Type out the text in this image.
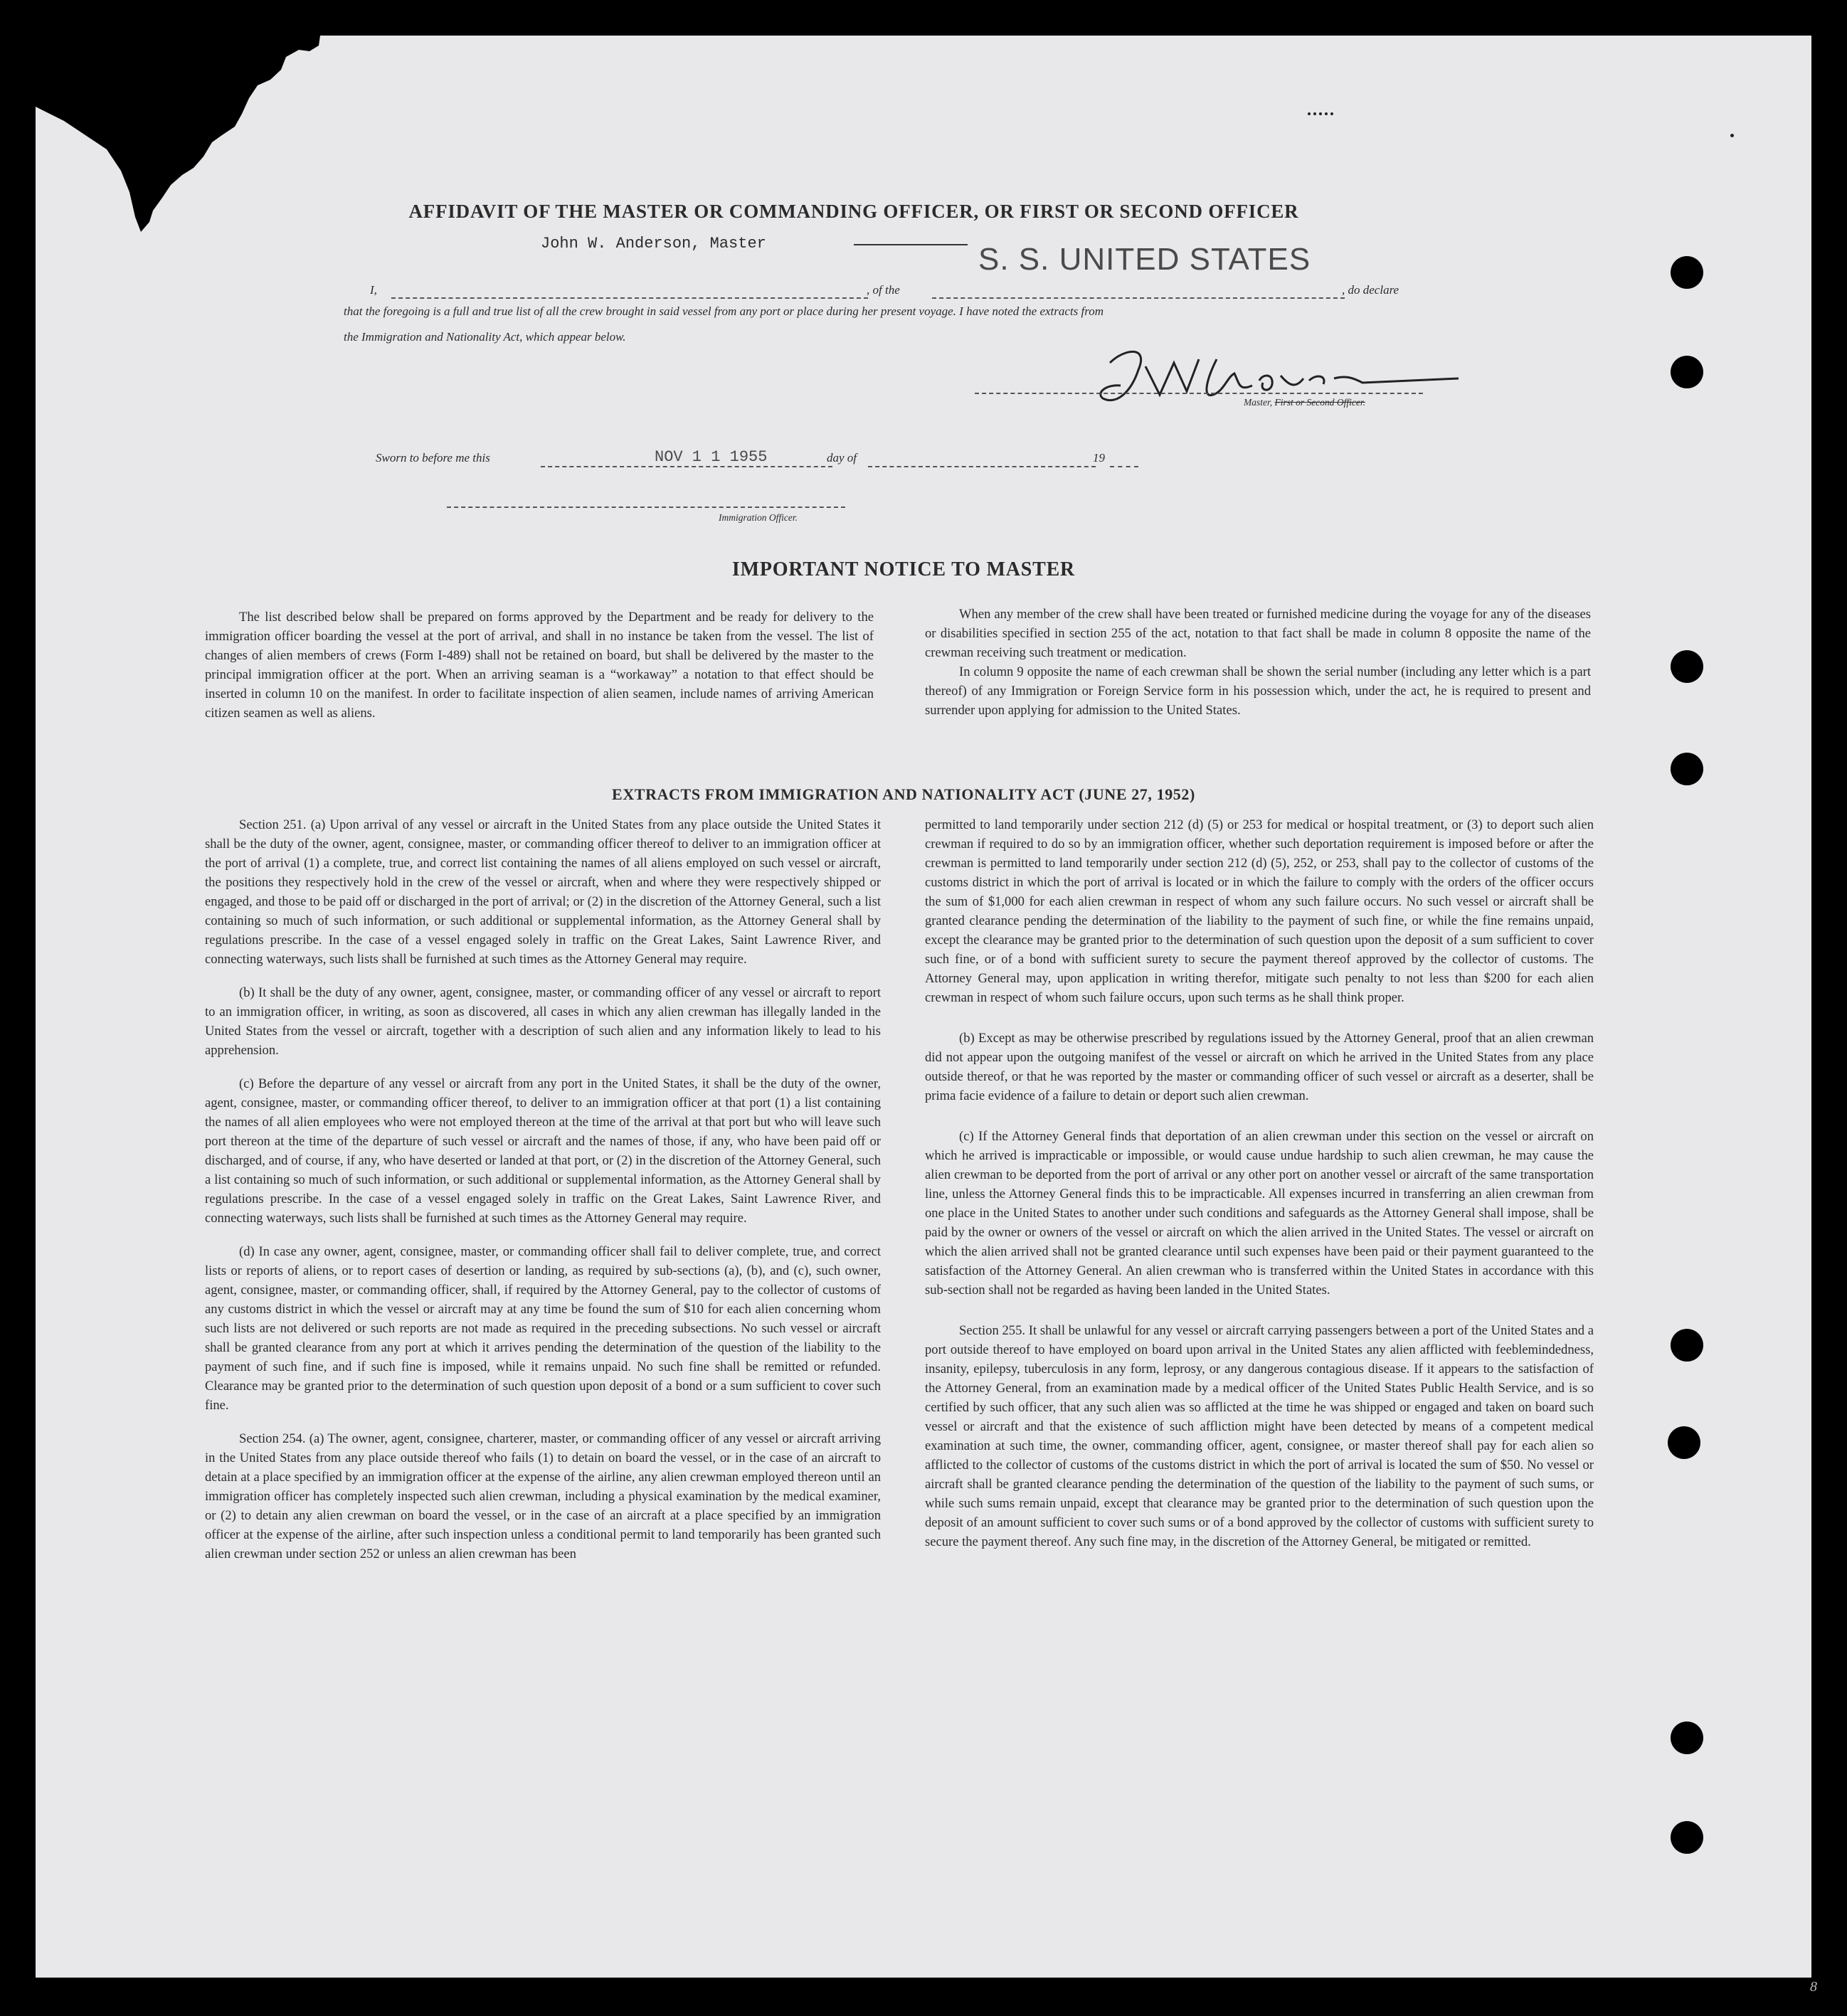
AFFIDAVIT OF THE MASTER OR COMMANDING OFFICER, OR FIRST OR SECOND OFFICER
John W. Anderson, Master
I,	, of the
S. S. UNITED STATES
, do declare
that the foregoing is a full and true list of all the crew brought in said vessel from any port or place during her present voyage. I have noted the extracts from
the Immigration and Nationality Act, which appear below.
Master, First or Second Officer.
Sworn to before me this	NOV 1 1 1955	day of	19
Immigration Officer.
IMPORTANT NOTICE TO MASTER

The list described below shall be prepared on forms approved by the Department and be ready for delivery to the immigration officer boarding the vessel at the port of arrival, and shall in no instance be taken from the vessel. The list of changes of alien members of crews (Form I-489) shall not be retained on board, but shall be delivered by the master to the principal immigration officer at the port. When an arriving seaman is a “workaway” a notation to that effect should be inserted in column 10 on the manifest. In order to facilitate inspection of alien seamen, include names of arriving American citizen seamen as well as aliens.

When any member of the crew shall have been treated or furnished medicine during the voyage for any of the diseases or disabilities specified in section 255 of the act, notation to that fact shall be made in column 8 opposite the name of the crewman receiving such treatment or medication.

In column 9 opposite the name of each crewman shall be shown the serial number (including any letter which is a part thereof) of any Immigration or Foreign Service form in his possession which, under the act, he is required to present and surrender upon applying for admission to the United States.

EXTRACTS FROM IMMIGRATION AND NATIONALITY ACT (JUNE 27, 1952)

Section 251. (a) Upon arrival of any vessel or aircraft in the United States from any place outside the United States it shall be the duty of the owner, agent, consignee, master, or commanding officer thereof to deliver to an immigration officer at the port of arrival (1) a complete, true, and correct list containing the names of all aliens employed on such vessel or aircraft, the positions they respectively hold in the crew of the vessel or aircraft, when and where they were respectively shipped or engaged, and those to be paid off or discharged in the port of arrival; or (2) in the discretion of the Attorney General, such a list containing so much of such information, or such additional or supplemental information, as the Attorney General shall by regulations prescribe. In the case of a vessel engaged solely in traffic on the Great Lakes, Saint Lawrence River, and connecting waterways, such lists shall be furnished at such times as the Attorney General may require.

(b) It shall be the duty of any owner, agent, consignee, master, or commanding officer of any vessel or aircraft to report to an immigration officer, in writing, as soon as discovered, all cases in which any alien crewman has illegally landed in the United States from the vessel or aircraft, together with a description of such alien and any information likely to lead to his apprehension.

(c) Before the departure of any vessel or aircraft from any port in the United States, it shall be the duty of the owner, agent, consignee, master, or commanding officer thereof, to deliver to an immigration officer at that port (1) a list containing the names of all alien employees who were not employed thereon at the time of the arrival at that port but who will leave such port thereon at the time of the departure of such vessel or aircraft and the names of those, if any, who have been paid off or discharged, and of course, if any, who have deserted or landed at that port, or (2) in the discretion of the Attorney General, such a list containing so much of such information, or such additional or supplemental information, as the Attorney General shall by regulations prescribe. In the case of a vessel engaged solely in traffic on the Great Lakes, Saint Lawrence River, and connecting waterways, such lists shall be furnished at such times as the Attorney General may require.

(d) In case any owner, agent, consignee, master, or commanding officer shall fail to deliver complete, true, and correct lists or reports of aliens, or to report cases of desertion or landing, as required by sub-sections (a), (b), and (c), such owner, agent, consignee, master, or commanding officer, shall, if required by the Attorney General, pay to the collector of customs of any customs district in which the vessel or aircraft may at any time be found the sum of $10 for each alien concerning whom such lists are not delivered or such reports are not made as required in the preceding subsections. No such vessel or aircraft shall be granted clearance from any port at which it arrives pending the determination of the question of the liability to the payment of such fine, and if such fine is imposed, while it remains unpaid. No such fine shall be remitted or refunded. Clearance may be granted prior to the determination of such question upon deposit of a bond or a sum sufficient to cover such fine.

Section 254. (a) The owner, agent, consignee, charterer, master, or commanding officer of any vessel or aircraft arriving in the United States from any place outside thereof who fails (1) to detain on board the vessel, or in the case of an aircraft to detain at a place specified by an immigration officer at the expense of the airline, any alien crewman employed thereon until an immigration officer has completely inspected such alien crewman, including a physical examination by the medical examiner, or (2) to detain any alien crewman on board the vessel, or in the case of an aircraft at a place specified by an immigration officer at the expense of the airline, after such inspection unless a conditional permit to land temporarily has been granted such alien crewman under section 252 or unless an alien crewman has been

permitted to land temporarily under section 212 (d) (5) or 253 for medical or hospital treatment, or (3) to deport such alien crewman if required to do so by an immigration officer, whether such deportation requirement is imposed before or after the crewman is permitted to land temporarily under section 212 (d) (5), 252, or 253, shall pay to the collector of customs of the customs district in which the port of arrival is located or in which the failure to comply with the orders of the officer occurs the sum of $1,000 for each alien crewman in respect of whom any such failure occurs. No such vessel or aircraft shall be granted clearance pending the determination of the liability to the payment of such fine, or while the fine remains unpaid, except the clearance may be granted prior to the determination of such question upon the deposit of a sum sufficient to cover such fine, or of a bond with sufficient surety to secure the payment thereof approved by the collector of customs. The Attorney General may, upon application in writing therefor, mitigate such penalty to not less than $200 for each alien crewman in respect of whom such failure occurs, upon such terms as he shall think proper.

(b) Except as may be otherwise prescribed by regulations issued by the Attorney General, proof that an alien crewman did not appear upon the outgoing manifest of the vessel or aircraft on which he arrived in the United States from any place outside thereof, or that he was reported by the master or commanding officer of such vessel or aircraft as a deserter, shall be prima facie evidence of a failure to detain or deport such alien crewman.

(c) If the Attorney General finds that deportation of an alien crewman under this section on the vessel or aircraft on which he arrived is impracticable or impossible, or would cause undue hardship to such alien crewman, he may cause the alien crewman to be deported from the port of arrival or any other port on another vessel or aircraft of the same transportation line, unless the Attorney General finds this to be impracticable. All expenses incurred in transferring an alien crewman from one place in the United States to another under such conditions and safeguards as the Attorney General shall impose, shall be paid by the owner or owners of the vessel or aircraft on which the alien arrived in the United States. The vessel or aircraft on which the alien arrived shall not be granted clearance until such expenses have been paid or their payment guaranteed to the satisfaction of the Attorney General. An alien crewman who is transferred within the United States in accordance with this sub-section shall not be regarded as having been landed in the United States.

Section 255. It shall be unlawful for any vessel or aircraft carrying passengers between a port of the United States and a port outside thereof to have employed on board upon arrival in the United States any alien afflicted with feeblemindedness, insanity, epilepsy, tuberculosis in any form, leprosy, or any dangerous contagious disease. If it appears to the satisfaction of the Attorney General, from an examination made by a medical officer of the United States Public Health Service, and is so certified by such officer, that any such alien was so afflicted at the time he was shipped or engaged and taken on board such vessel or aircraft and that the existence of such affliction might have been detected by means of a competent medical examination at such time, the owner, commanding officer, agent, consignee, or master thereof shall pay for each alien so afflicted to the collector of customs of the customs district in which the port of arrival is located the sum of $50. No vessel or aircraft shall be granted clearance pending the determination of the question of the liability to the payment of such sums, or while such sums remain unpaid, except that clearance may be granted prior to the determination of such question upon the deposit of an amount sufficient to cover such sums or of a bond approved by the collector of customs with sufficient surety to secure the payment thereof. Any such fine may, in the discretion of the Attorney General, be mitigated or remitted.

8
